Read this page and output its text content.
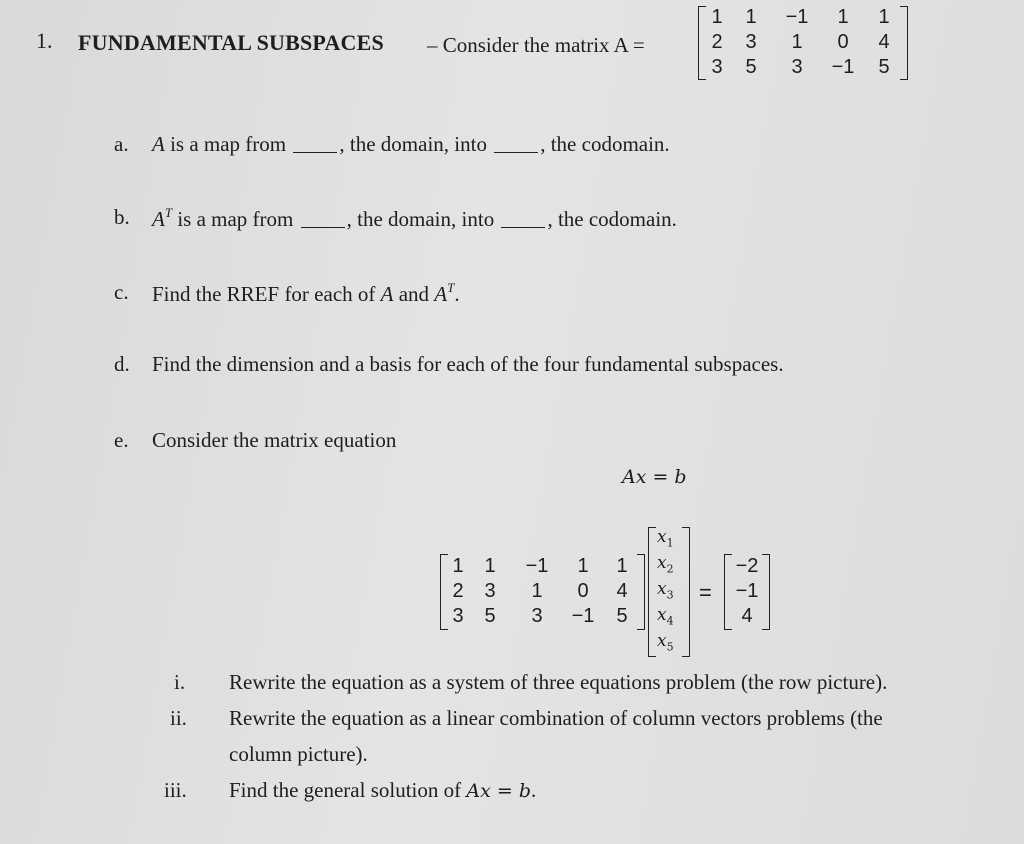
1. FUNDAMENTAL SUBSPACES – Consider the matrix A =
1	1	−1	1	1
2	3	1	0	4
3	5	3	−1	5
a. A is a map from	, the domain, into	, the codomain.
b. $A^T$ is a map from	, the domain, into	, the codomain.
c. Find the RREF for each of A and $A^T$.
d. Find the dimension and a basis for each of the four fundamental subspaces.
e. Consider the matrix equation
Ax = b
1	1	−1	1	1
2	3	1	0	4
3	5	3	−1	5
$x_1$
$x_2$
$x_3$
$x_4$
$x_5$
=
−2
−1
4
i. Rewrite the equation as a system of three equations problem (the row picture).
ii. Rewrite the equation as a linear combination of column vectors problems (the
column picture).
iii. Find the general solution of Ax = b.
